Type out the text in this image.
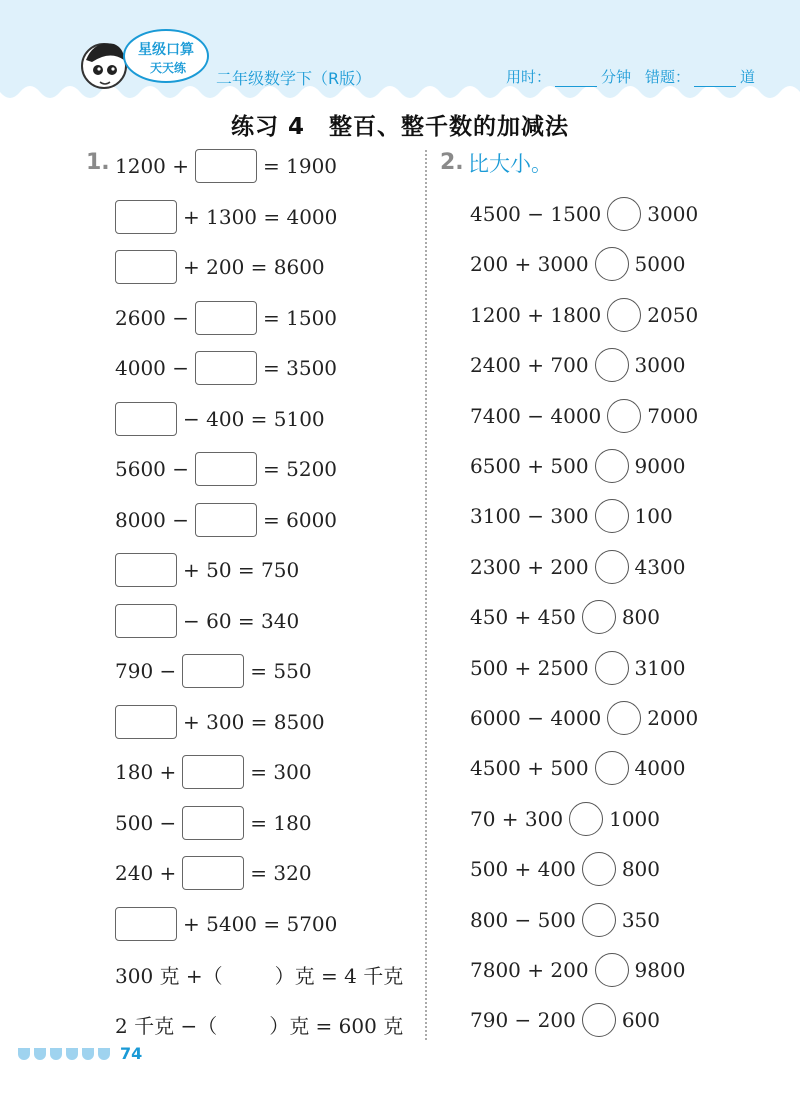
星级口算
天天练
二年级数学下（R版）	用时：	分钟 错题：	道
练习 4　整百、整千数的加减法
1.	2. 比大小。
1200 +	= 1900
+ 1300 = 4000
+ 200 = 8600
2600 −	= 1500
4000 −	= 3500
− 400 = 5100
5600 −	= 5200
8000 −	= 6000
+ 50 = 750
− 60 = 340
790 −	= 550
+ 300 = 8500
180 +	= 300
500 −	= 180
240 +	= 320
+ 5400 = 5700
300 克 +（	）克 = 4 千克
2 千克 −（	）克 = 600 克
4500 − 1500 3000
200 + 3000 5000
1200 + 1800 2050
2400 + 700 3000
7400 − 4000 7000
6500 + 500 9000
3100 − 300 100
2300 + 200 4300
450 + 450 800
500 + 2500 3100
6000 − 4000 2000
4500 + 500 4000
70 + 300 1000
500 + 400 800
800 − 500 350
7800 + 200 9800
790 − 200 600
74
